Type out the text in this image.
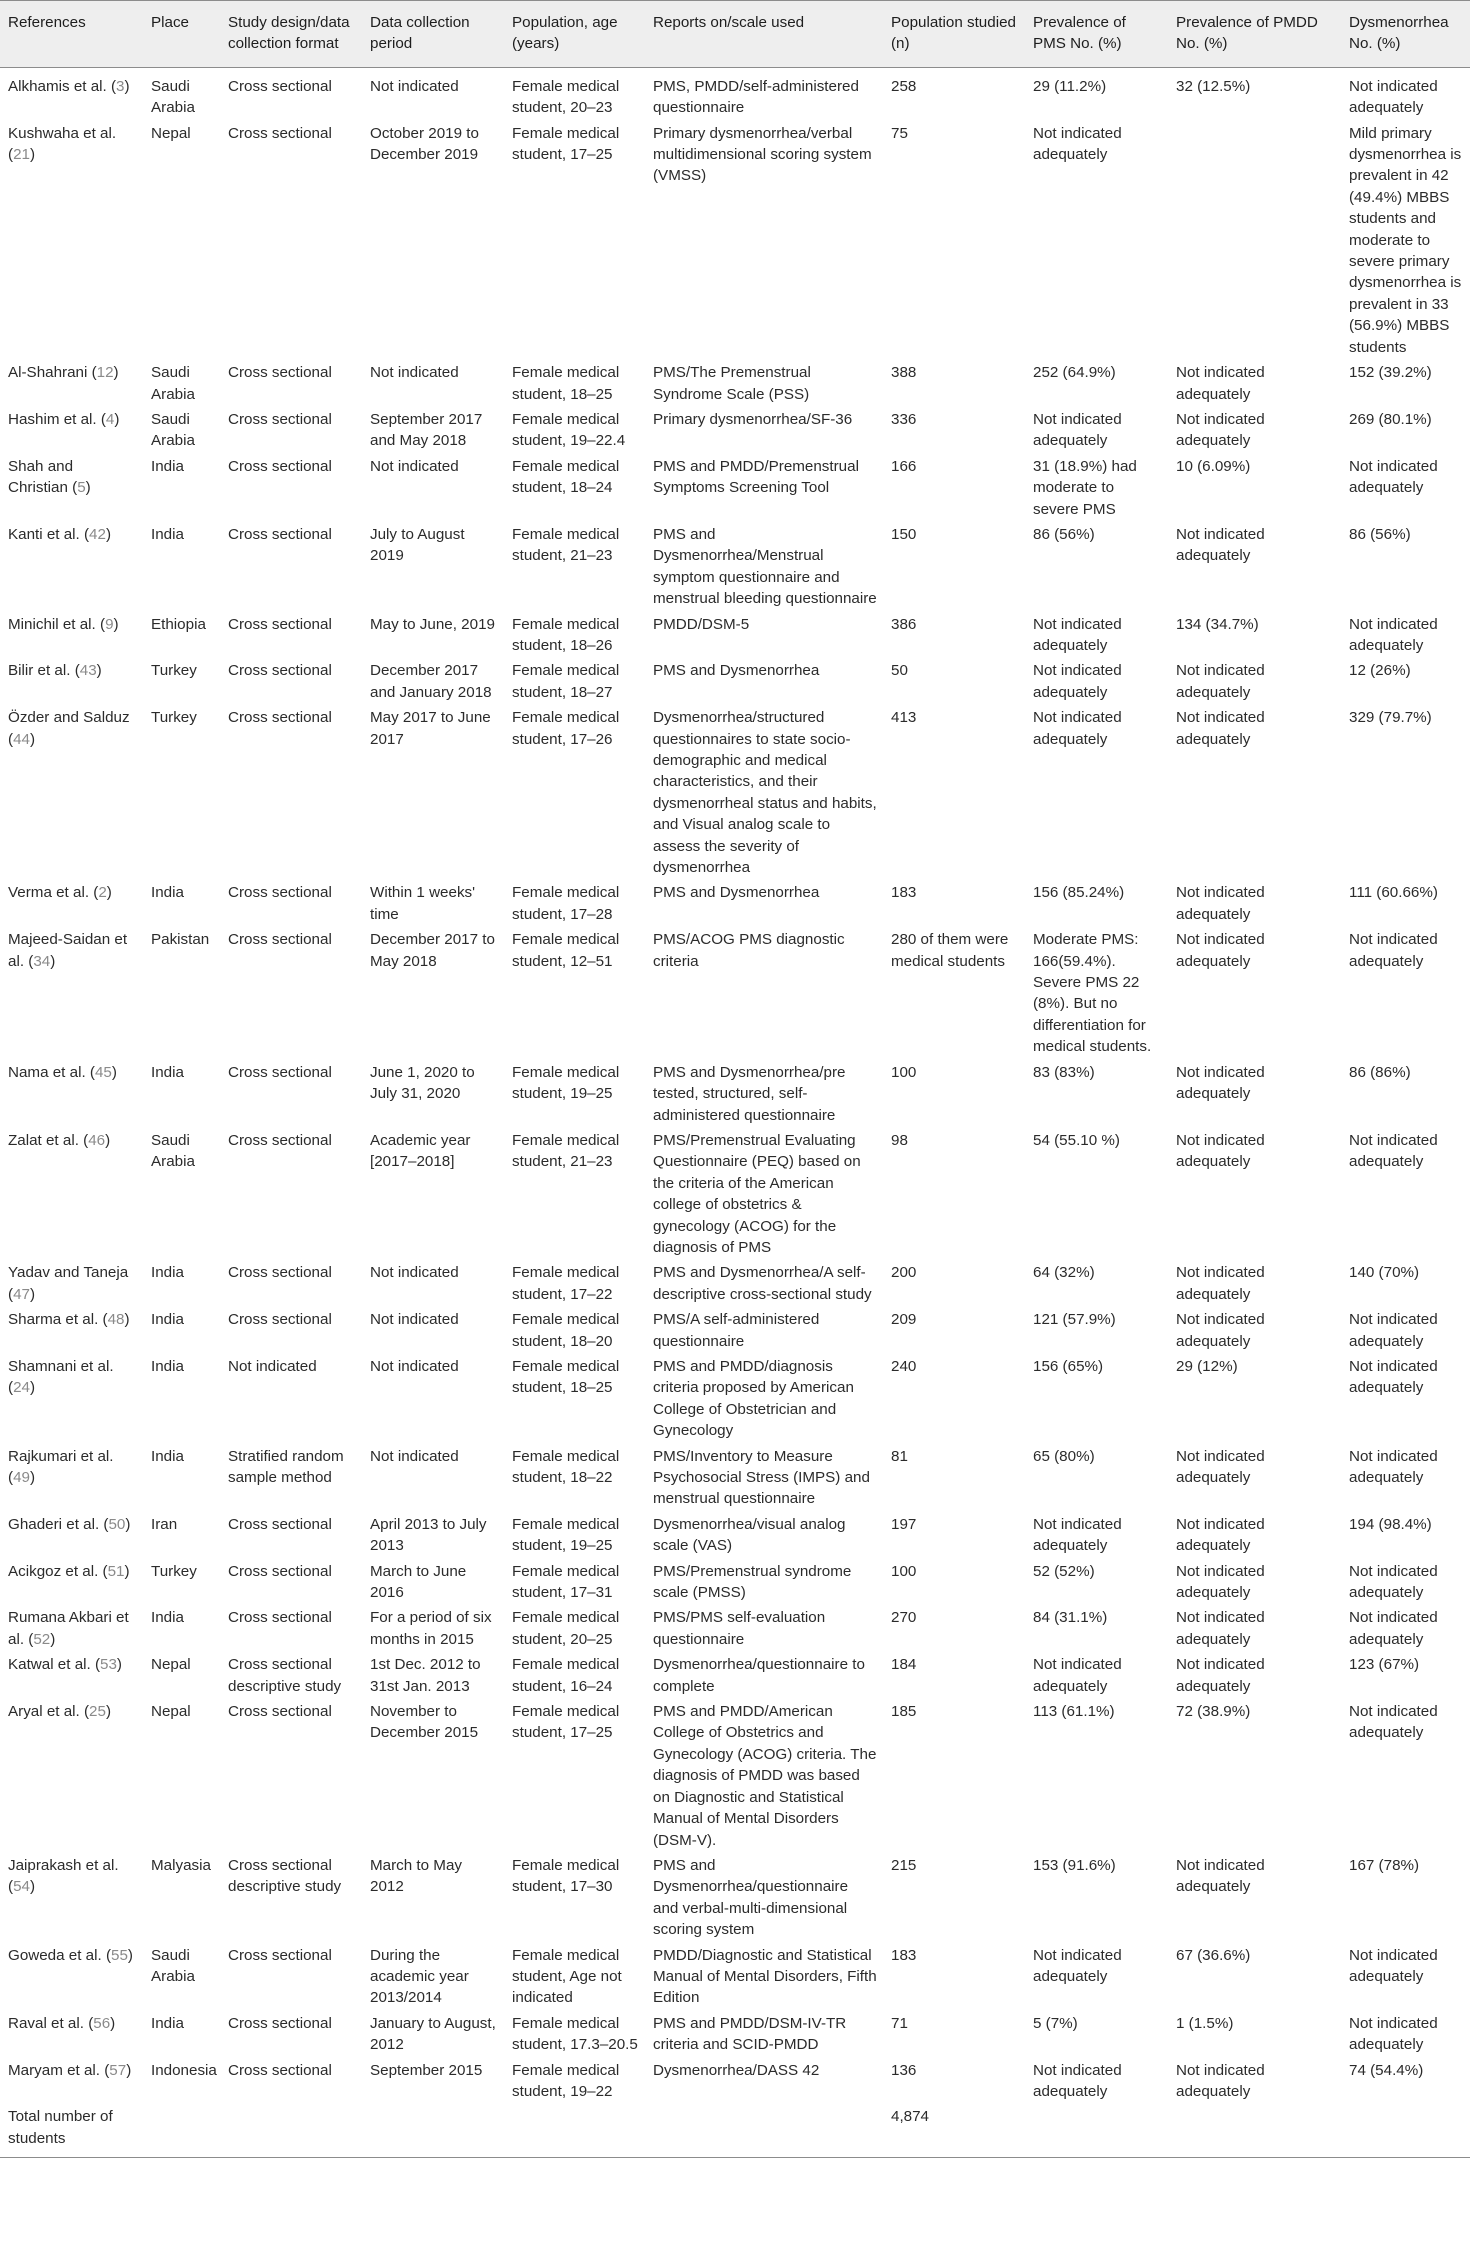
References	Place	Study design/data collection format	Data collection period	Population, age (years)	Reports on/scale used	Population studied (n)	Prevalence of PMS No. (%)	Prevalence of PMDD No. (%)	Dysmenorrhea No. (%)
Alkhamis et al. (3)	Saudi Arabia	Cross sectional	Not indicated	Female medical student, 20–23	PMS, PMDD/self-administered questionnaire	258	29 (11.2%)	32 (12.5%)	Not indicated adequately
Kushwaha et al. (21)	Nepal	Cross sectional	October 2019 to December 2019	Female medical student, 17–25	Primary dysmenorrhea/verbal multidimensional scoring system (VMSS)	75	Not indicated adequately		Mild primary dysmenorrhea is prevalent in 42 (49.4%) MBBS students and moderate to severe primary dysmenorrhea is prevalent in 33 (56.9%) MBBS students
Al-Shahrani (12)	Saudi Arabia	Cross sectional	Not indicated	Female medical student, 18–25	PMS/The Premenstrual Syndrome Scale (PSS)	388	252 (64.9%)	Not indicated adequately	152 (39.2%)
Hashim et al. (4)	Saudi Arabia	Cross sectional	September 2017 and May 2018	Female medical student, 19–22.4	Primary dysmenorrhea/SF-36	336	Not indicated adequately	Not indicated adequately	269 (80.1%)
Shah and Christian (5)	India	Cross sectional	Not indicated	Female medical student, 18–24	PMS and PMDD/Premenstrual Symptoms Screening Tool	166	31 (18.9%) had moderate to severe PMS	10 (6.09%)	Not indicated adequately
Kanti et al. (42)	India	Cross sectional	July to August 2019	Female medical student, 21–23	PMS and Dysmenorrhea/Menstrual symptom questionnaire and menstrual bleeding questionnaire	150	86 (56%)	Not indicated adequately	86 (56%)
Minichil et al. (9)	Ethiopia	Cross sectional	May to June, 2019	Female medical student, 18–26	PMDD/DSM-5	386	Not indicated adequately	134 (34.7%)	Not indicated adequately
Bilir et al. (43)	Turkey	Cross sectional	December 2017 and January 2018	Female medical student, 18–27	PMS and Dysmenorrhea	50	Not indicated adequately	Not indicated adequately	12 (26%)
Özder and Salduz (44)	Turkey	Cross sectional	May 2017 to June 2017	Female medical student, 17–26	Dysmenorrhea/structured questionnaires to state socio-demographic and medical characteristics, and their dysmenorrheal status and habits, and Visual analog scale to assess the severity of dysmenorrhea	413	Not indicated adequately	Not indicated adequately	329 (79.7%)
Verma et al. (2)	India	Cross sectional	Within 1 weeks' time	Female medical student, 17–28	PMS and Dysmenorrhea	183	156 (85.24%)	Not indicated adequately	111 (60.66%)
Majeed-Saidan et al. (34)	Pakistan	Cross sectional	December 2017 to May 2018	Female medical student, 12–51	PMS/ACOG PMS diagnostic criteria	280 of them were medical students	Moderate PMS: 166(59.4%). Severe PMS 22 (8%). But no differentiation for medical students.	Not indicated adequately	Not indicated adequately
Nama et al. (45)	India	Cross sectional	June 1, 2020 to July 31, 2020	Female medical student, 19–25	PMS and Dysmenorrhea/pre tested, structured, self-administered questionnaire	100	83 (83%)	Not indicated adequately	86 (86%)
Zalat et al. (46)	Saudi Arabia	Cross sectional	Academic year [2017–2018]	Female medical student, 21–23	PMS/Premenstrual Evaluating Questionnaire (PEQ) based on the criteria of the American college of obstetrics & gynecology (ACOG) for the diagnosis of PMS	98	54 (55.10 %)	Not indicated adequately	Not indicated adequately
Yadav and Taneja (47)	India	Cross sectional	Not indicated	Female medical student, 17–22	PMS and Dysmenorrhea/A self-descriptive cross-sectional study	200	64 (32%)	Not indicated adequately	140 (70%)
Sharma et al. (48)	India	Cross sectional	Not indicated	Female medical student, 18–20	PMS/A self-administered questionnaire	209	121 (57.9%)	Not indicated adequately	Not indicated adequately
Shamnani et al. (24)	India	Not indicated	Not indicated	Female medical student, 18–25	PMS and PMDD/diagnosis criteria proposed by American College of Obstetrician and Gynecology	240	156 (65%)	29 (12%)	Not indicated adequately
Rajkumari et al. (49)	India	Stratified random sample method	Not indicated	Female medical student, 18–22	PMS/Inventory to Measure Psychosocial Stress (IMPS) and menstrual questionnaire	81	65 (80%)	Not indicated adequately	Not indicated adequately
Ghaderi et al. (50)	Iran	Cross sectional	April 2013 to July 2013	Female medical student, 19–25	Dysmenorrhea/visual analog scale (VAS)	197	Not indicated adequately	Not indicated adequately	194 (98.4%)
Acikgoz et al. (51)	Turkey	Cross sectional	March to June 2016	Female medical student, 17–31	PMS/Premenstrual syndrome scale (PMSS)	100	52 (52%)	Not indicated adequately	Not indicated adequately
Rumana Akbari et al. (52)	India	Cross sectional	For a period of six months in 2015	Female medical student, 20–25	PMS/PMS self-evaluation questionnaire	270	84 (31.1%)	Not indicated adequately	Not indicated adequately
Katwal et al. (53)	Nepal	Cross sectional descriptive study	1st Dec. 2012 to 31st Jan. 2013	Female medical student, 16–24	Dysmenorrhea/questionnaire to complete	184	Not indicated adequately	Not indicated adequately	123 (67%)
Aryal et al. (25)	Nepal	Cross sectional	November to December 2015	Female medical student, 17–25	PMS and PMDD/American College of Obstetrics and Gynecology (ACOG) criteria. The diagnosis of PMDD was based on Diagnostic and Statistical Manual of Mental Disorders (DSM-V).	185	113 (61.1%)	72 (38.9%)	Not indicated adequately
Jaiprakash et al. (54)	Malyasia	Cross sectional descriptive study	March to May 2012	Female medical student, 17–30	PMS and Dysmenorrhea/questionnaire and verbal-multi-dimensional scoring system	215	153 (91.6%)	Not indicated adequately	167 (78%)
Goweda et al. (55)	Saudi Arabia	Cross sectional	During the academic year 2013/2014	Female medical student, Age not indicated	PMDD/Diagnostic and Statistical Manual of Mental Disorders, Fifth Edition	183	Not indicated adequately	67 (36.6%)	Not indicated adequately
Raval et al. (56)	India	Cross sectional	January to August, 2012	Female medical student, 17.3–20.5	PMS and PMDD/DSM-IV-TR criteria and SCID-PMDD	71	5 (7%)	1 (1.5%)	Not indicated adequately
Maryam et al. (57)	Indonesia	Cross sectional	September 2015	Female medical student, 19–22	Dysmenorrhea/DASS 42	136	Not indicated adequately	Not indicated adequately	74 (54.4%)
Total number of students						4,874			
